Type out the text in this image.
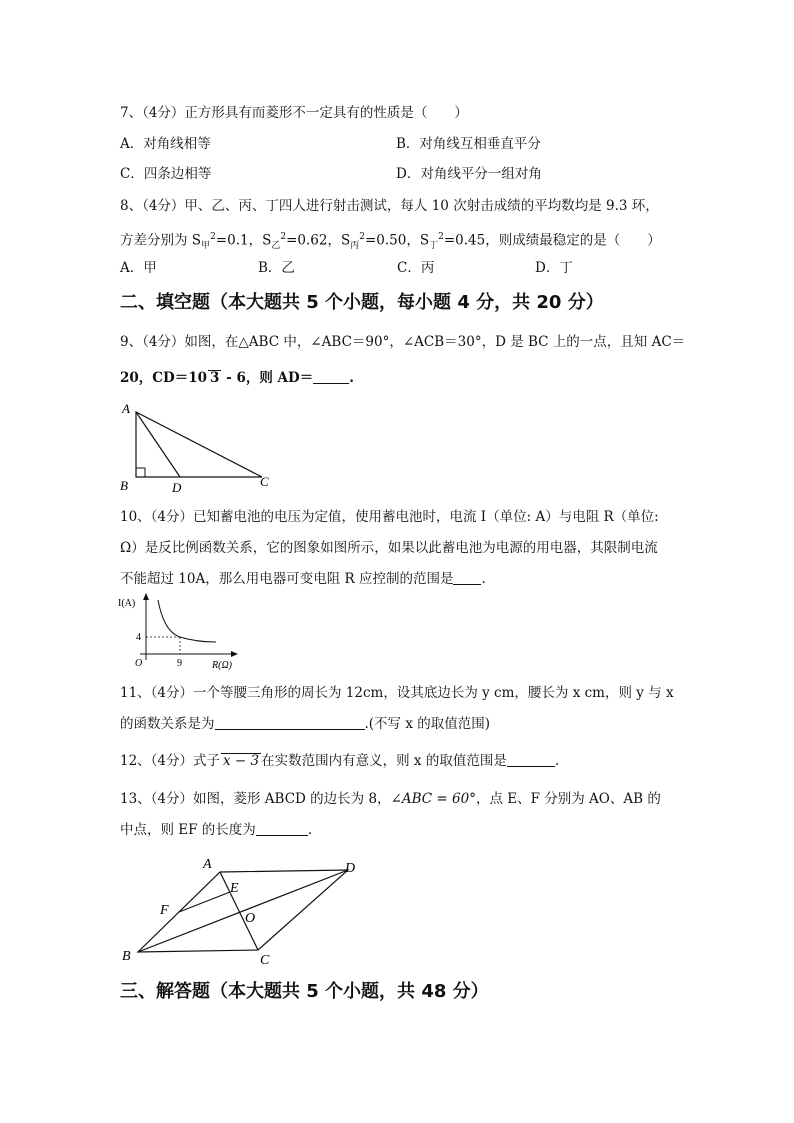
7、（4分）正方形具有而菱形不一定具有的性质是（　　）
A．对角线相等	B．对角线互相垂直平分
C．四条边相等	D．对角线平分一组对角
8、（4分）甲、乙、丙、丁四人进行射击测试，每人 10 次射击成绩的平均数均是 9.3 环，
方差分别为 $S_甲^2=0.1$，$S_乙^2=0.62$，$S_丙^2=0.50$，$S_丁^2=0.45$，则成绩最稳定的是（　　）
A．甲	B．乙	C．丙	D．丁
二、填空题（本大题共 5 个小题，每小题 4 分，共 20 分）
9、（4分）如图，在△ABC 中，∠ABC＝90°，∠ACB＝30°，D 是 BC 上的一点，且知 AC＝
20，CD＝10 3 - 6，则 AD＝	.
A
B	D	C
10、（4分）已知蓄电池的电压为定值，使用蓄电池时，电流 I（单位: A）与电阻 R（单位:
Ω）是反比例函数关系，它的图象如图所示，如果以此蓄电池为电源的用电器，其限制电流
不能超过 10A，那么用电器可变电阻 R 应控制的范围是 .
I(A)
4
O	9	R(Ω)
11、（4分）一个等腰三角形的周长为 12cm，设其底边长为 y cm，腰长为 x cm，则 y 与 x
的函数关系是为	.(不写 x 的取值范围)
12、（4分）式子 x − 3 在实数范围内有意义，则 x 的取值范围是	.
13、（4分）如图，菱形 ABCD 的边长为 8，∠ABC = 60°，点 E、F 分别为 AO、AB 的
中点，则 EF 的长度为	.
A	D
E
F
O
B	C
三、解答题（本大题共 5 个小题，共 48 分）
